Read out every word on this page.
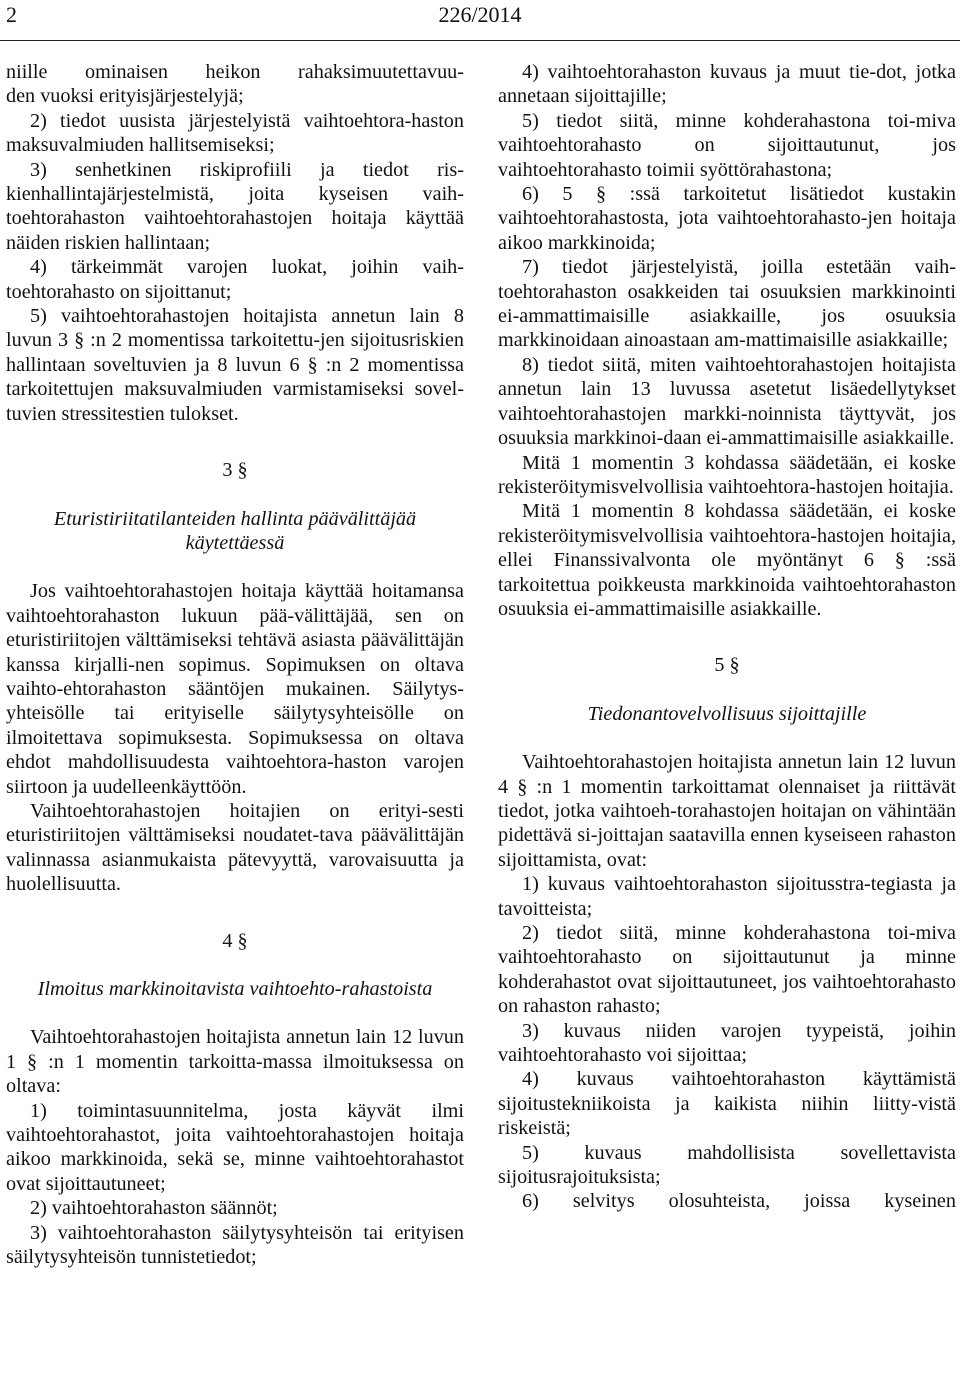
2	226/2014

niille ominaisen heikon rahaksimuutettavuu-

den vuoksi erityisjärjestelyjä;

2) tiedot uusista järjestelyistä vaihtoehtora-haston maksuvalmiuden hallitsemiseksi;

3) senhetkinen riskiprofiili ja tiedot ris-kienhallintajärjestelmistä, joita kyseisen vaih-toehtorahaston vaihtoehtorahastojen hoitaja käyttää näiden riskien hallintaan;

4) tärkeimmät varojen luokat, joihin vaih-toehtorahasto on sijoittanut;

5) vaihtoehtorahastojen hoitajista annetun lain 8 luvun 3 § :n 2 momentissa tarkoitettu-jen sijoitusriskien hallintaan soveltuvien ja 8 luvun 6 § :n 2 momentissa tarkoitettujen maksuvalmiuden varmistamiseksi sovel-tuvien stressitestien tulokset.

3 §

Eturistiriitatilanteiden hallinta päävälittäjää käytettäessä

Jos vaihtoehtorahastojen hoitaja käyttää hoitamansa vaihtoehtorahaston lukuun pää-välittäjää, sen on eturistiriitojen välttämiseksi tehtävä asiasta päävälittäjän kanssa kirjalli-nen sopimus. Sopimuksen on oltava vaihto-ehtorahaston sääntöjen mukainen. Säilytys-yhteisölle tai erityiselle säilytysyhteisölle on ilmoitettava sopimuksesta. Sopimuksessa on oltava ehdot mahdollisuudesta vaihtoehtora-haston varojen siirtoon ja uudelleenkäyttöön.

Vaihtoehtorahastojen hoitajien on erityi-sesti eturistiriitojen välttämiseksi noudatet-tava päävälittäjän valinnassa asianmukaista pätevyyttä, varovaisuutta ja huolellisuutta.

4 §

Ilmoitus markkinoitavista vaihtoehto-rahastoista

Vaihtoehtorahastojen hoitajista annetun lain 12 luvun 1 § :n 1 momentin tarkoitta-massa ilmoituksessa on oltava:

1) toimintasuunnitelma, josta käyvät ilmi vaihtoehtorahastot, joita vaihtoehtorahastojen hoitaja aikoo markkinoida, sekä se, minne vaihtoehtorahastot ovat sijoittautuneet;

2) vaihtoehtorahaston säännöt;

3) vaihtoehtorahaston säilytysyhteisön tai erityisen säilytysyhteisön tunnistetiedot;

4) vaihtoehtorahaston kuvaus ja muut tie-dot, jotka annetaan sijoittajille;

5) tiedot siitä, minne kohderahastona toi-miva vaihtoehtorahasto on sijoittautunut, jos vaihtoehtorahasto toimii syöttörahastona;

6) 5 § :ssä tarkoitetut lisätiedot kustakin vaihtoehtorahastosta, jota vaihtoehtorahasto-jen hoitaja aikoo markkinoida;

7) tiedot järjestelyistä, joilla estetään vaih-toehtorahaston osakkeiden tai osuuksien markkinointi ei-ammattimaisille asiakkaille, jos osuuksia markkinoidaan ainoastaan am-mattimaisille asiakkaille;

8) tiedot siitä, miten vaihtoehtorahastojen hoitajista annetun lain 13 luvussa asetetut lisäedellytykset vaihtoehtorahastojen markki-noinnista täyttyvät, jos osuuksia markkinoi-daan ei-ammattimaisille asiakkaille.

Mitä 1 momentin 3 kohdassa säädetään, ei koske rekisteröitymisvelvollisia vaihtoehtora-hastojen hoitajia.

Mitä 1 momentin 8 kohdassa säädetään, ei koske rekisteröitymisvelvollisia vaihtoehtora-hastojen hoitajia, ellei Finanssivalvonta ole myöntänyt 6 § :ssä tarkoitettua poikkeusta markkinoida vaihtoehtorahaston osuuksia ei-ammattimaisille asiakkaille.

5 §

Tiedonantovelvollisuus sijoittajille

Vaihtoehtorahastojen hoitajista annetun lain 12 luvun 4 § :n 1 momentin tarkoittamat olennaiset ja riittävät tiedot, jotka vaihtoeh-torahastojen hoitajan on vähintään pidettävä si-joittajan saatavilla ennen kyseiseen rahaston sijoittamista, ovat:

1) kuvaus vaihtoehtorahaston sijoitusstra-tegiasta ja tavoitteista;

2) tiedot siitä, minne kohderahastona toi-miva vaihtoehtorahasto on sijoittautunut ja minne kohderahastot ovat sijoittautuneet, jos vaihtoehtorahasto on rahaston rahasto;

3) kuvaus niiden varojen tyypeistä, joihin vaihtoehtorahasto voi sijoittaa;

4) kuvaus vaihtoehtorahaston käyttämistä sijoitustekniikoista ja kaikista niihin liitty-vistä riskeistä;

5) kuvaus mahdollisista sovellettavista sijoitusrajoituksista;

6) selvitys olosuhteista, joissa kyseinen
